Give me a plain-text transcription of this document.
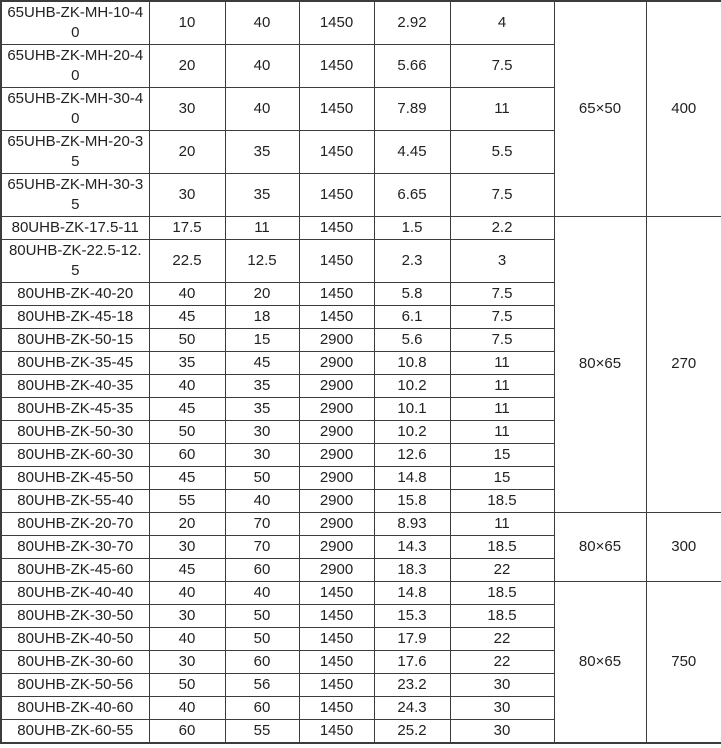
65UHB-ZK-MH-10-40	10	40	1450	2.92	4	65×50	400
65UHB-ZK-MH-20-40	20	40	1450	5.66	7.5		
65UHB-ZK-MH-30-40	30	40	1450	7.89	11		
65UHB-ZK-MH-20-35	20	35	1450	4.45	5.5		
65UHB-ZK-MH-30-35	30	35	1450	6.65	7.5		
80UHB-ZK-17.5-11	17.5	11	1450	1.5	2.2	80×65	270
80UHB-ZK-22.5-12.5	22.5	12.5	1450	2.3	3		
80UHB-ZK-40-20	40	20	1450	5.8	7.5		
80UHB-ZK-45-18	45	18	1450	6.1	7.5		
80UHB-ZK-50-15	50	15	2900	5.6	7.5		
80UHB-ZK-35-45	35	45	2900	10.8	11		
80UHB-ZK-40-35	40	35	2900	10.2	11		
80UHB-ZK-45-35	45	35	2900	10.1	11		
80UHB-ZK-50-30	50	30	2900	10.2	11		
80UHB-ZK-60-30	60	30	2900	12.6	15		
80UHB-ZK-45-50	45	50	2900	14.8	15		
80UHB-ZK-55-40	55	40	2900	15.8	18.5		
80UHB-ZK-20-70	20	70	2900	8.93	11	80×65	300
80UHB-ZK-30-70	30	70	2900	14.3	18.5		
80UHB-ZK-45-60	45	60	2900	18.3	22		
80UHB-ZK-40-40	40	40	1450	14.8	18.5	80×65	750
80UHB-ZK-30-50	30	50	1450	15.3	18.5		
80UHB-ZK-40-50	40	50	1450	17.9	22		
80UHB-ZK-30-60	30	60	1450	17.6	22		
80UHB-ZK-50-56	50	56	1450	23.2	30		
80UHB-ZK-40-60	40	60	1450	24.3	30		
80UHB-ZK-60-55	60	55	1450	25.2	30		
